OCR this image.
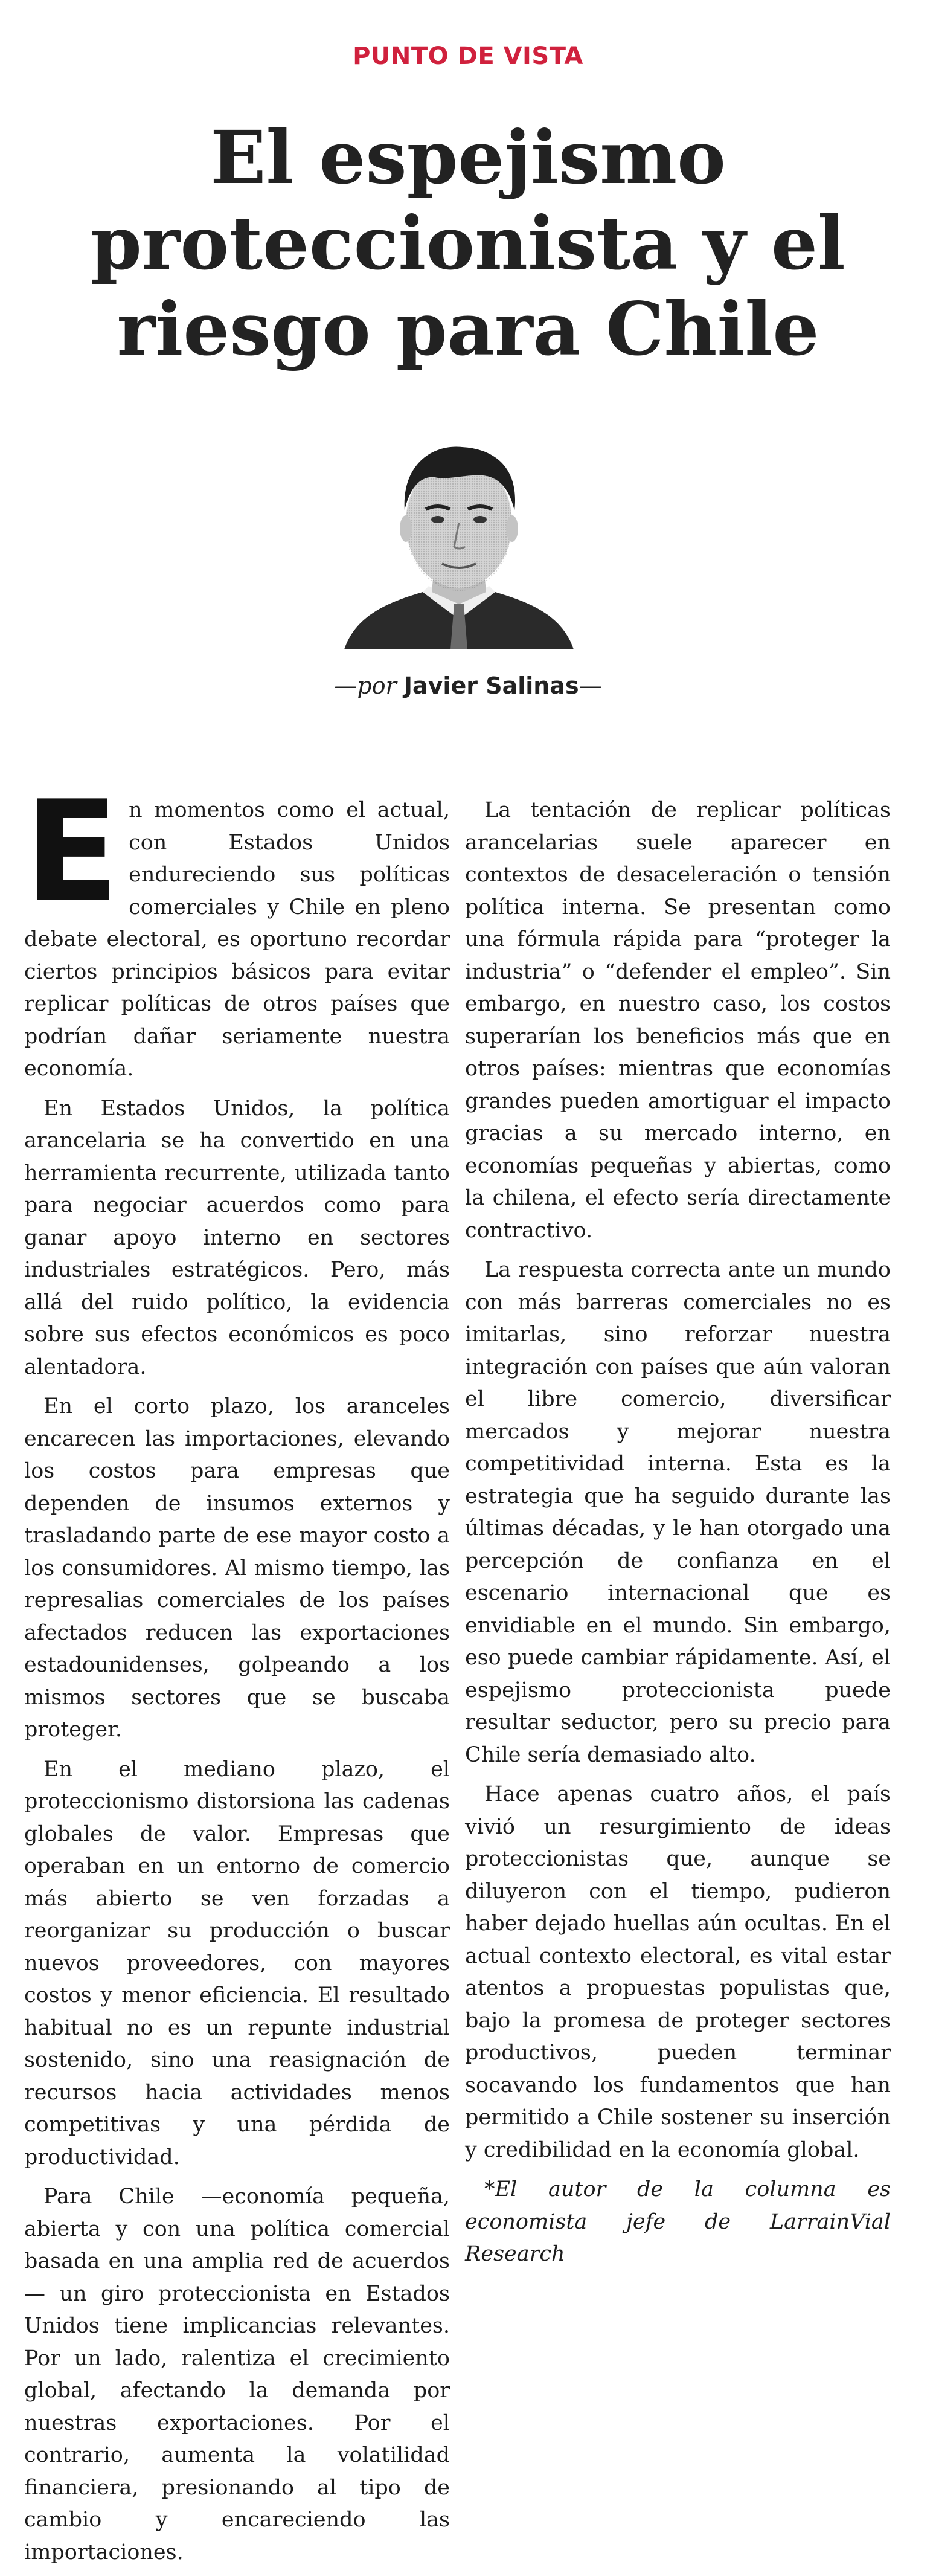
PUNTO DE VISTA
El espejismo
proteccionista y el
riesgo para Chile
—por Javier Salinas—

En momentos como el actual, con Estados Unidos endureciendo sus políticas comerciales y Chile en pleno debate electoral, es oportuno recordar ciertos principios básicos para evitar replicar políticas de otros países que podrían dañar seriamente nuestra economía.

En Estados Unidos, la política arancelaria se ha convertido en una herramienta recurrente, utilizada tanto para negociar acuerdos como para ganar apoyo interno en sectores industriales estratégicos. Pero, más allá del ruido político, la evidencia sobre sus efectos económicos es poco alentadora.

En el corto plazo, los aranceles encarecen las importaciones, elevando los costos para empresas que dependen de insumos externos y trasladando parte de ese mayor costo a los consumidores. Al mismo tiempo, las represalias comerciales de los países afectados reducen las exportaciones estadounidenses, golpeando a los mismos sectores que se buscaba proteger.

En el mediano plazo, el proteccionismo distorsiona las cadenas globales de valor. Empresas que operaban en un entorno de comercio más abierto se ven forzadas a reorganizar su producción o buscar nuevos proveedores, con mayores costos y menor eficiencia. El resultado habitual no es un repunte industrial sostenido, sino una reasignación de recursos hacia actividades menos competitivas y una pérdida de productividad.

Para Chile —economía pequeña, abierta y con una política comercial basada en una amplia red de acuerdos— un giro proteccionista en Estados Unidos tiene implicancias relevantes. Por un lado, ralentiza el crecimiento global, afectando la demanda por nuestras exportaciones. Por el contrario, aumenta la volatilidad financiera, presionando al tipo de cambio y encareciendo las importaciones.

La tentación de replicar políticas arancelarias suele aparecer en contextos de desaceleración o tensión política interna. Se presentan como una fórmula rápida para “proteger la industria” o “defender el empleo”. Sin embargo, en nuestro caso, los costos superarían los beneficios más que en otros países: mientras que economías grandes pueden amortiguar el impacto gracias a su mercado interno, en economías pequeñas y abiertas, como la chilena, el efecto sería directamente contractivo.

La respuesta correcta ante un mundo con más barreras comerciales no es imitarlas, sino reforzar nuestra integración con países que aún valoran el libre comercio, diversificar mercados y mejorar nuestra competitividad interna. Esta es la estrategia que ha seguido durante las últimas décadas, y le han otorgado una percepción de confianza en el escenario internacional que es envidiable en el mundo. Sin embargo, eso puede cambiar rápidamente. Así, el espejismo proteccionista puede resultar seductor, pero su precio para Chile sería demasiado alto.

Hace apenas cuatro años, el país vivió un resurgimiento de ideas proteccionistas que, aunque se diluyeron con el tiempo, pudieron haber dejado huellas aún ocultas. En el actual contexto electoral, es vital estar atentos a propuestas populistas que, bajo la promesa de proteger sectores productivos, pueden terminar socavando los fundamentos que han permitido a Chile sostener su inserción y credibilidad en la economía global.

*El autor de la columna es economista jefe de LarrainVial Research
